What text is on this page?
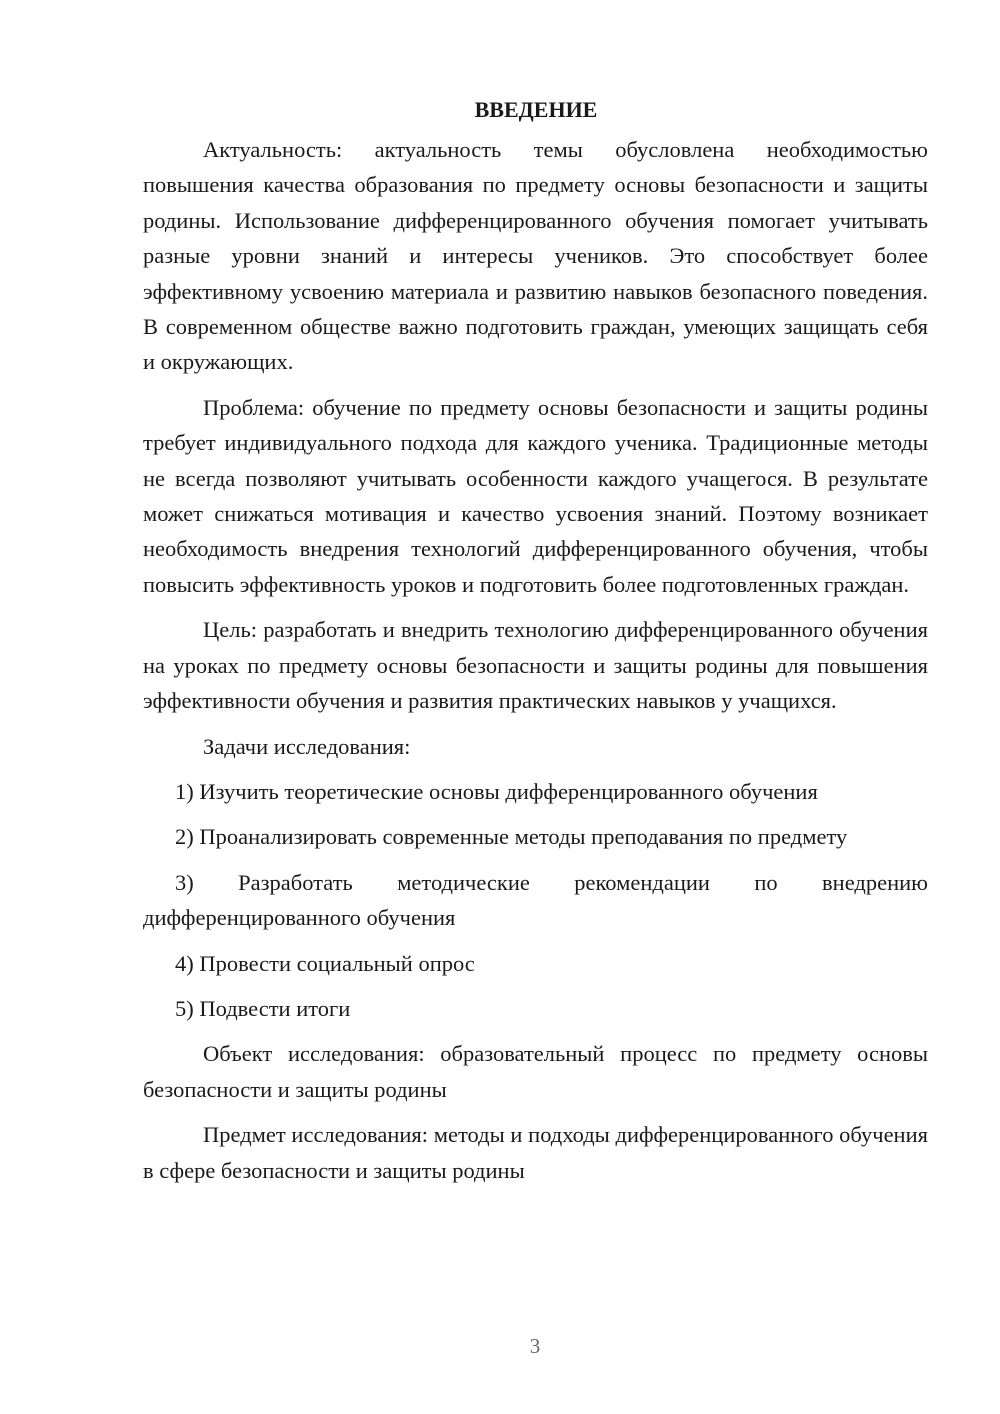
ВВЕДЕНИЕ

Актуальность: актуальность темы обусловлена необходимостью повышения качества образования по предмету основы безопасности и защиты родины. Использование дифференцированного обучения помогает учитывать разные уровни знаний и интересы учеников. Это способствует более эффективному усвоению материала и развитию навыков безопасного поведения. В современном обществе важно подготовить граждан, умеющих защищать себя и окружающих.

Проблема: обучение по предмету основы безопасности и защиты родины требует индивидуального подхода для каждого ученика. Традиционные методы не всегда позволяют учитывать особенности каждого учащегося. В результате может снижаться мотивация и качество усвоения знаний. Поэтому возникает необходимость внедрения технологий дифференцированного обучения, чтобы повысить эффективность уроков и подготовить более подготовленных граждан.

Цель: разработать и внедрить технологию дифференцированного обучения на уроках по предмету основы безопасности и защиты родины для повышения эффективности обучения и развития практических навыков у учащихся.

Задачи исследования:

1) Изучить теоретические основы дифференцированного обучения

2) Проанализировать современные методы преподавания по предмету

3) Разработать методические рекомендации по внедрению дифференцированного обучения

4) Провести социальный опрос

5) Подвести итоги

Объект исследования: образовательный процесс по предмету основы безопасности и защиты родины

Предмет исследования: методы и подходы дифференцированного обучения в сфере безопасности и защиты родины

3
